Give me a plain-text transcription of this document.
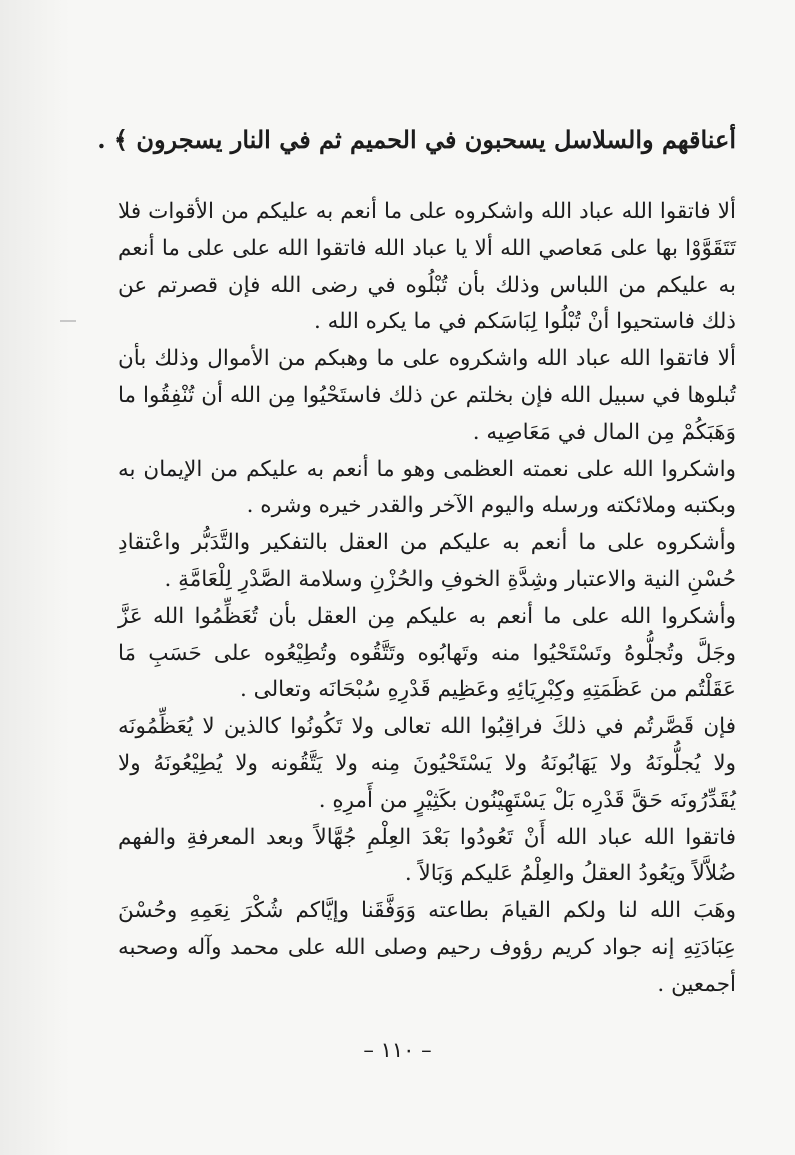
أعناقهم والسلاسل يسحبون في الحميم ثم في النار يسجرون ﴾ .

ألا فاتقوا الله عباد الله واشكروه على ما أنعم به عليكم من الأقوات فلا تَتَقَوَّوْا بها على مَعاصي الله ألا يا عباد الله فاتقوا الله على على ما أنعم به عليكم من اللباس وذلك بأن تُبْلُوه في رضى الله فإن قصرتم عن ذلك فاستحيوا أنْ تُبْلُوا لِبَاسَكم في ما يكره الله .

ألا فاتقوا الله عباد الله واشكروه على ما وهبكم من الأموال وذلك بأن تُبلوها في سبيل الله فإن بخلتم عن ذلك فاستَحْيُوا مِن الله أن تُنْفِقُوا ما وَهَبَكُمْ مِن المال في مَعَاصِيه .

واشكروا الله على نعمته العظمى وهو ما أنعم به عليكم من الإيمان به وبكتبه وملائكته ورسله واليوم الآخر والقدر خيره وشره .

وأشكروه على ما أنعم به عليكم من العقل بالتفكير والتَّدَبُّر واعْتقادِ حُسْنِ النية والاعتبار وشِدَّةِ الخوفِ والحُزْنِ وسلامة الصَّدْرِ لِلْعَامَّةِ .

وأشكروا الله على ما أنعم به عليكم مِن العقل بأن تُعَظِّمُوا الله عَزَّ وجَلَّ وتُجلُّوهُ وتَسْتَحْيُوا منه وتَهابُوه وتَتَّقُوه وتُطِيْعُوه على حَسَبِ مَا عَقَلْتُم من عَظَمَتِهِ وكِبْرِيَائِهِ وعَظِيم قَدْرِهِ سُبْحَانَه وتعالى .

فإن قَصَّرتُم في ذلكَ فراقِبُوا الله تعالى ولا تَكُونُوا كالذين لا يُعَظِّمُونَه ولا يُجلُّونَهُ ولا يَهَابُونَهُ ولا يَسْتَحْيُونَ مِنه ولا يَتَّقُونه ولا يُطِيْعُونَهُ ولا يُقَدِّرُونَه حَقَّ قَدْرِه بَلْ يَسْتَهِيْنُون بكَثِيْرٍ من أَمرِهِ .

فاتقوا الله عباد الله أَنْ تَعُودُوا بَعْدَ العِلْمِ جُهَّالاً وبعد المعرفةِ والفهم ضُلاَّلاً ويَعُودُ العقلُ والعِلْمُ عَليكم وَبَالاً .

وهَبَ الله لنا ولكم القيامَ بطاعته وَوَفَّقَنا وإيَّاكم شُكْرَ نِعَمِهِ وحُسْنَ عِبَادَتِهِ إنه جواد كريم رؤوف رحيم وصلى الله على محمد وآله وصحبه أجمعين .

– ١١٠ –
